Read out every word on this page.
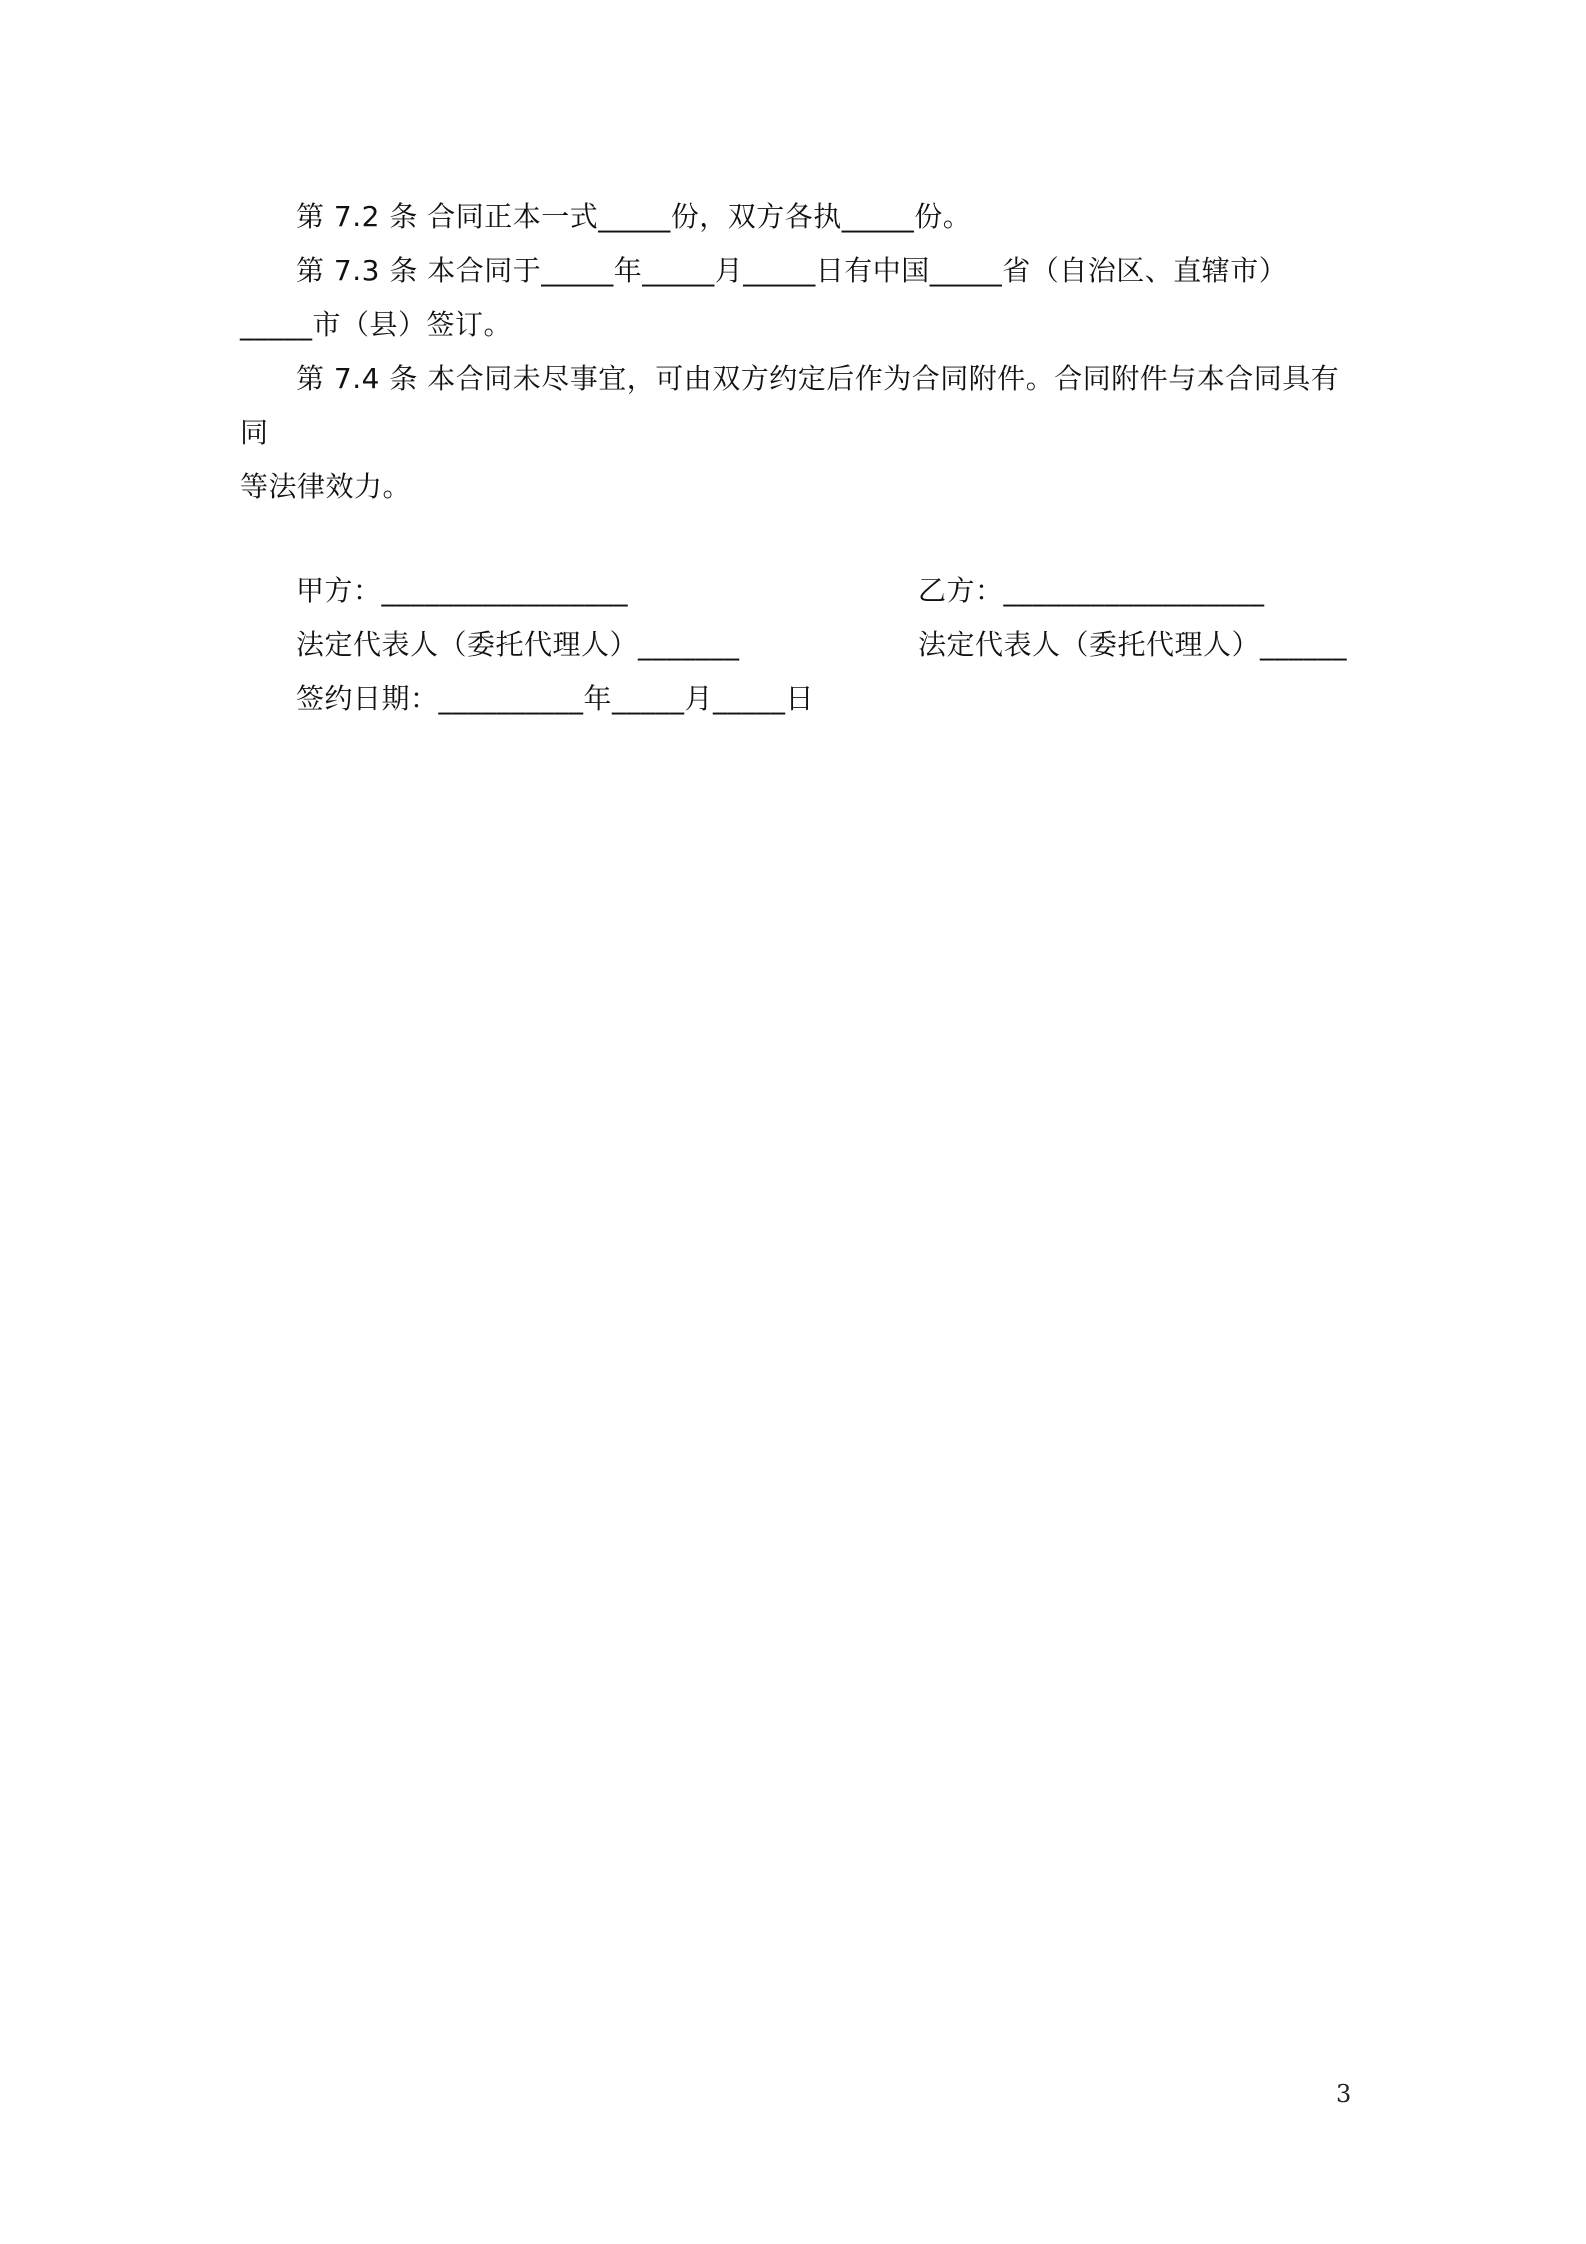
第 7.2 条 合同正本一式_____份，双方各执_____份。
第 7.3 条 本合同于_____年_____月_____日有中国_____省（自治区、直辖市）
_____市（县）签订。
第 7.4 条 本合同未尽事宜，可由双方约定后作为合同附件。合同附件与本合同具有同
等法律效力。
甲方：_________________	乙方：__________________
法定代表人（委托代理人）_______	法定代表人（委托代理人）______
签约日期：__________年_____月_____日
3
